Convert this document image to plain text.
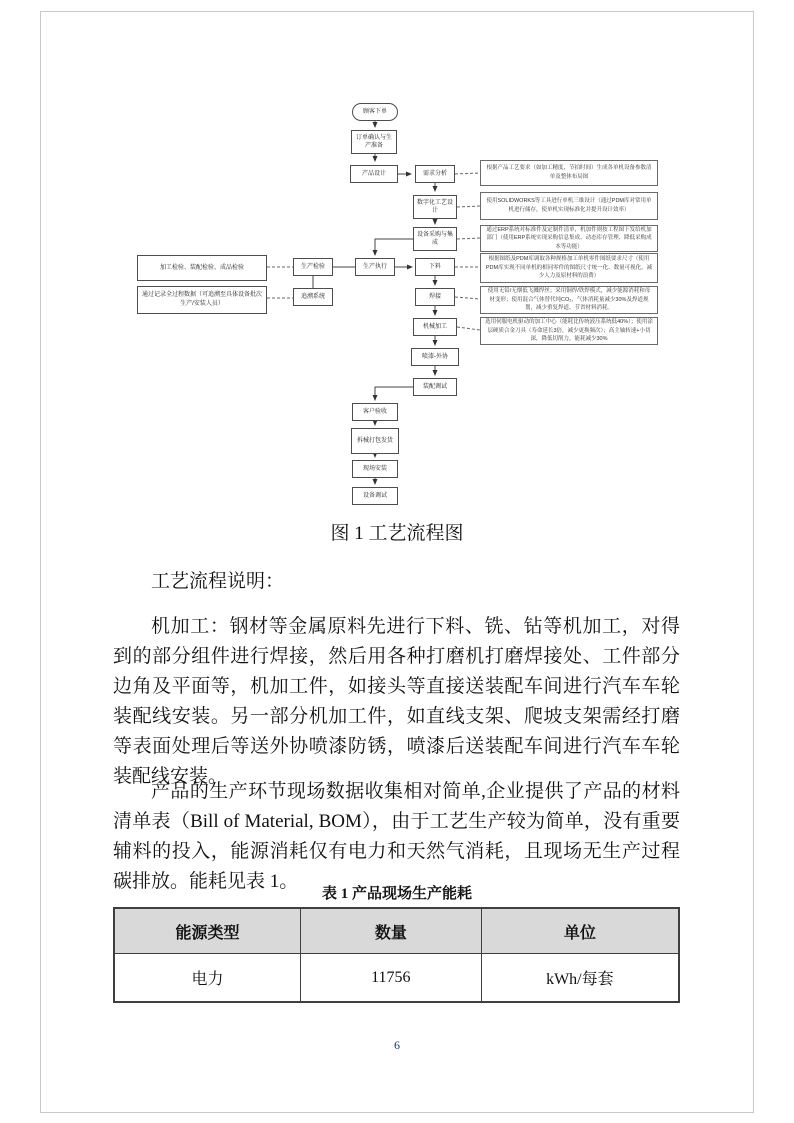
顾客下单
订单确认与生产准备
产品设计	需求分析
数字化工艺设计
设备采购与集成
生产执行
生产检验
追溯系统
下料
焊接
机械加工
喷漆-外协
装配调试
客户验收
拆械打包发货
现场安装
设备调试
加工检验、装配检验、成品检验
通过记录全过程数据（可追溯至具体设备批次生产/安装人员）
根据产品工艺要求（如加工精度、节拍时间）生成各单机设备参数清单及整体布局图
使用SOLIDWORKS等工具进行单机三维设计（通过PDM库对常用单机进行储存，使单机实现标准化并提升设计效率）
通过ERP系统对标准件及定制件清单，机加件则按工程图下发给机加部门（使用ERP系统实现采购信息集成、动态库存管理、降低采购成本等功能）
根据图纸及PDM库调取各种规格加工单机零件图纸要求尺寸（使用PDM库实现不同单机的相同零件的图纸尺寸统一化、数量可视化，减少人力及原材料的浪费）
使用无铅/无烟低飞溅焊丝；采用铜焊/铁焊模式，减少能源消耗和母材变形；使用混合气体替代纯CO₂，气体消耗量减少30%及焊道规划，减少重复焊道、节省材料消耗。
选用伺服电机驱动的加工中心（能耗比传统液压系统低40%）；使用涂层硬质合金刀具（寿命延长3倍，减少更换频次）；高主轴转速+小切深，降低切削力，能耗减少30%
图 1 工艺流程图
工艺流程说明：
机加工：钢材等金属原料先进行下料、铣、钻等机加工，对得到的部分组件进行焊接，然后用各种打磨机打磨焊接处、工件部分边角及平面等，机加工件，如接头等直接送装配车间进行汽车车轮装配线安装。另一部分机加工件，如直线支架、爬坡支架需经打磨等表面处理后等送外协喷漆防锈，喷漆后送装配车间进行汽车车轮装配线安装。
产品的生产环节现场数据收集相对简单,企业提供了产品的材料清单表（Bill of Material, BOM），由于工艺生产较为简单，没有重要辅料的投入，能源消耗仅有电力和天然气消耗，且现场无生产过程碳排放。能耗见表 1。
表 1 产品现场生产能耗
能源类型	数量	单位
电力	11756	kWh/每套
6
